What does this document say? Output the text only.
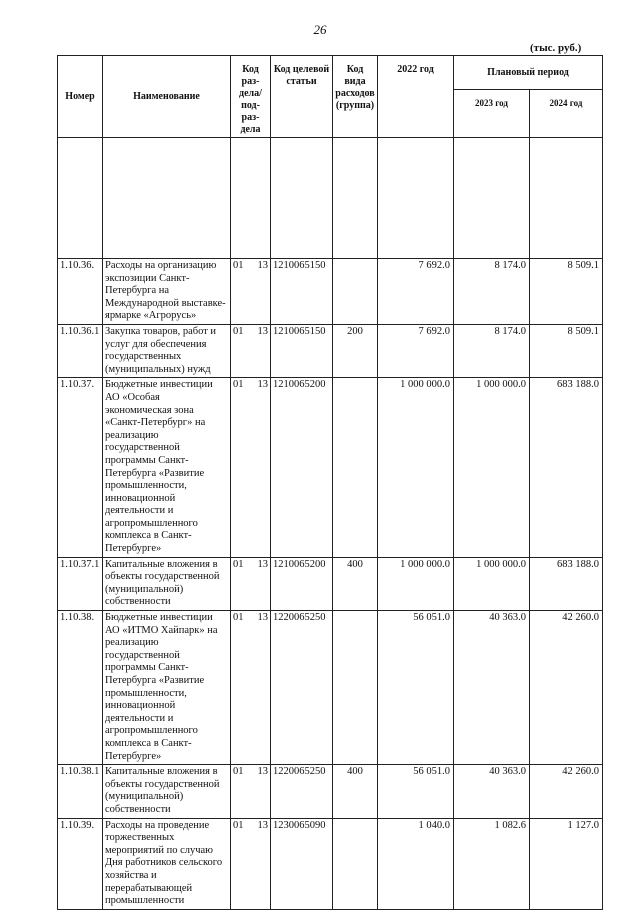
26
(тыс. руб.)
Номер	Наименование	Код раз-дела/ под-раз-дела	Код целевой статьи	Код вида расходов (группа)	2022 год	Плановый период	
						2023 год	2024 год

1.10.36.	Расходы на организацию экспозиции Санкт-Петербурга на Международной выставке-ярмарке «Агрорусь»	01 13	1210065150		7 692.0	8 174.0	8 509.1
1.10.36.1	Закупка товаров, работ и услуг для обеспечения государственных (муниципальных) нужд	01 13	1210065150	200	7 692.0	8 174.0	8 509.1
1.10.37.	Бюджетные инвестиции АО «Особая экономическая зона «Санкт-Петербург» на реализацию государственной программы Санкт-Петербурга «Развитие промышленности, инновационной деятельности и агропромышленного комплекса в Санкт-Петербурге»	01 13	1210065200		1 000 000.0	1 000 000.0	683 188.0
1.10.37.1	Капитальные вложения в объекты государственной (муниципальной) собственности	01 13	1210065200	400	1 000 000.0	1 000 000.0	683 188.0
1.10.38.	Бюджетные инвестиции АО «ИТМО Хайпарк» на реализацию государственной программы Санкт-Петербурга «Развитие промышленности, инновационной деятельности и агропромышленного комплекса в Санкт-Петербурге»	01 13	1220065250		56 051.0	40 363.0	42 260.0
1.10.38.1	Капитальные вложения в объекты государственной (муниципальной) собственности	01 13	1220065250	400	56 051.0	40 363.0	42 260.0
1.10.39.	Расходы на проведение торжественных мероприятий по случаю Дня работников сельского хозяйства и перерабатывающей промышленности	01 13	1230065090		1 040.0	1 082.6	1 127.0
